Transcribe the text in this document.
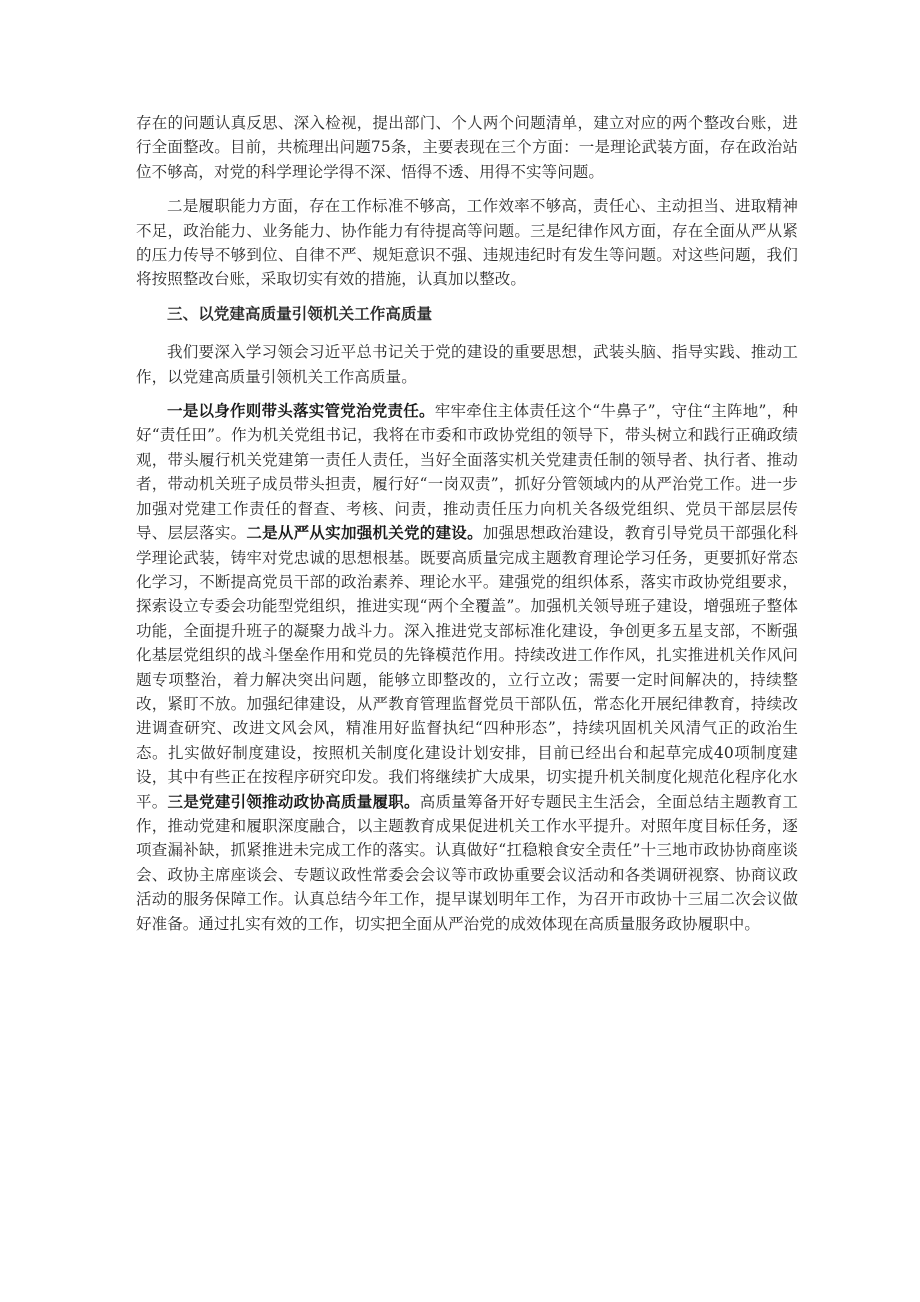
存在的问题认真反思、深入检视，提出部门、个人两个问题清单，建立对应的两个整改台账，进行全面整改。目前，共梳理出问题75条，主要表现在三个方面：一是理论武装方面，存在政治站位不够高，对党的科学理论学得不深、悟得不透、用得不实等问题。

二是履职能力方面，存在工作标准不够高，工作效率不够高，责任心、主动担当、进取精神不足，政治能力、业务能力、协作能力有待提高等问题。三是纪律作风方面，存在全面从严从紧的压力传导不够到位、自律不严、规矩意识不强、违规违纪时有发生等问题。对这些问题，我们将按照整改台账，采取切实有效的措施，认真加以整改。

三、以党建高质量引领机关工作高质量

我们要深入学习领会习近平总书记关于党的建设的重要思想，武装头脑、指导实践、推动工作，以党建高质量引领机关工作高质量。

一是以身作则带头落实管党治党责任。牢牢牵住主体责任这个“牛鼻子”，守住“主阵地”，种好“责任田”。作为机关党组书记，我将在市委和市政协党组的领导下，带头树立和践行正确政绩观，带头履行机关党建第一责任人责任，当好全面落实机关党建责任制的领导者、执行者、推动者，带动机关班子成员带头担责，履行好“一岗双责”，抓好分管领域内的从严治党工作。进一步加强对党建工作责任的督查、考核、问责，推动责任压力向机关各级党组织、党员干部层层传导、层层落实。二是从严从实加强机关党的建设。加强思想政治建设，教育引导党员干部强化科学理论武装，铸牢对党忠诚的思想根基。既要高质量完成主题教育理论学习任务，更要抓好常态化学习，不断提高党员干部的政治素养、理论水平。建强党的组织体系，落实市政协党组要求，探索设立专委会功能型党组织，推进实现“两个全覆盖”。加强机关领导班子建设，增强班子整体功能，全面提升班子的凝聚力战斗力。深入推进党支部标准化建设，争创更多五星支部，不断强化基层党组织的战斗堡垒作用和党员的先锋模范作用。持续改进工作作风，扎实推进机关作风问题专项整治，着力解决突出问题，能够立即整改的，立行立改；需要一定时间解决的，持续整改，紧盯不放。加强纪律建设，从严教育管理监督党员干部队伍，常态化开展纪律教育，持续改进调查研究、改进文风会风，精准用好监督执纪“四种形态”，持续巩固机关风清气正的政治生态。扎实做好制度建设，按照机关制度化建设计划安排，目前已经出台和起草完成40项制度建设，其中有些正在按程序研究印发。我们将继续扩大成果，切实提升机关制度化规范化程序化水平。三是党建引领推动政协高质量履职。高质量筹备开好专题民主生活会，全面总结主题教育工作，推动党建和履职深度融合，以主题教育成果促进机关工作水平提升。对照年度目标任务，逐项查漏补缺，抓紧推进未完成工作的落实。认真做好“扛稳粮食安全责任”十三地市政协协商座谈会、政协主席座谈会、专题议政性常委会会议等市政协重要会议活动和各类调研视察、协商议政活动的服务保障工作。认真总结今年工作，提早谋划明年工作，为召开市政协十三届二次会议做好准备。通过扎实有效的工作，切实把全面从严治党的成效体现在高质量服务政协履职中。
